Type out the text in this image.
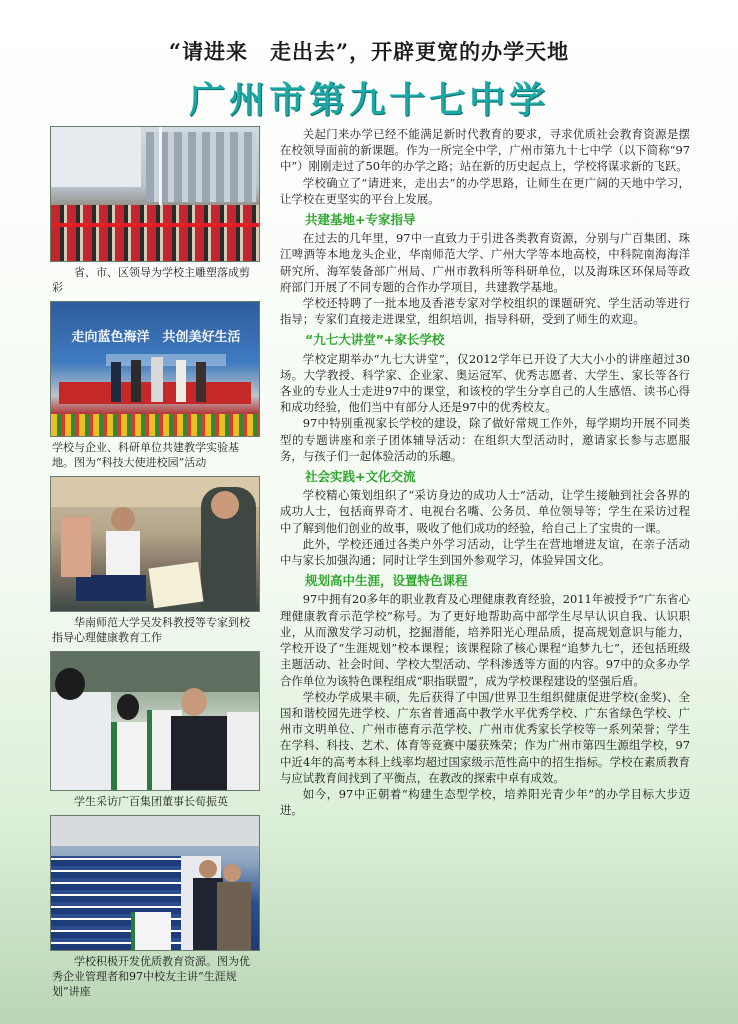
“请进来　走出去”，开辟更宽的办学天地
广州市第九十七中学
省、市、区领导为学校主雕塑落成剪彩
走向蓝色海洋　共创美好生活
学校与企业、科研单位共建教学实验基地。图为“科技大使进校园”活动
华南师范大学吴发科教授等专家到校指导心理健康教育工作
学生采访广百集团董事长荀振英
学校积极开发优质教育资源。图为优秀企业管理者和97中校友主讲“生涯规划”讲座

关起门来办学已经不能满足新时代教育的要求，寻求优质社会教育资源是摆在校领导面前的新课题。作为一所完全中学，广州市第九十七中学（以下简称“97中”）刚刚走过了50年的办学之路；站在新的历史起点上，学校将谋求新的飞跃。

学校确立了“请进来，走出去”的办学思路，让师生在更广阔的天地中学习，让学校在更坚实的平台上发展。

共建基地+专家指导

在过去的几年里，97中一直致力于引进各类教育资源，分别与广百集团、珠江啤酒等本地龙头企业，华南师范大学、广州大学等本地高校，中科院南海海洋研究所、海军装备部广州局、广州市教科所等科研单位，以及海珠区环保局等政府部门开展了不同专题的合作办学项目，共建教学基地。

学校还特聘了一批本地及香港专家对学校组织的课题研究、学生活动等进行指导；专家们直接走进课堂，组织培训，指导科研，受到了师生的欢迎。

“九七大讲堂”+家长学校

学校定期举办“九七大讲堂”，仅2012学年已开设了大大小小的讲座超过30场。大学教授、科学家、企业家、奥运冠军、优秀志愿者、大学生、家长等各行各业的专业人士走进97中的课堂，和该校的学生分享自己的人生感悟、读书心得和成功经验，他们当中有部分人还是97中的优秀校友。

97中特别重视家长学校的建设，除了做好常规工作外，每学期均开展不同类型的专题讲座和亲子团体辅导活动：在组织大型活动时，邀请家长参与志愿服务，与孩子们一起体验活动的乐趣。

社会实践+文化交流

学校精心策划组织了“采访身边的成功人士”活动，让学生接触到社会各界的成功人士，包括商界奇才、电视台名嘴、公务员、单位领导等；学生在采访过程中了解到他们创业的故事，吸收了他们成功的经验，给自己上了宝贵的一课。

此外，学校还通过各类户外学习活动，让学生在营地增进友谊，在亲子活动中与家长加强沟通；同时让学生到国外参观学习，体验异国文化。

规划高中生涯，设置特色课程

97中拥有20多年的职业教育及心理健康教育经验，2011年被授予“广东省心理健康教育示范学校”称号。为了更好地帮助高中部学生尽早认识自我、认识职业，从而激发学习动机，挖掘潜能，培养阳光心理品质，提高规划意识与能力，学校开设了“生涯规划”校本课程；该课程除了核心课程“追梦九七”，还包括班级主题活动、社会时间、学校大型活动、学科渗透等方面的内容。97中的众多办学合作单位为该特色课程组成“职指联盟”，成为学校课程建设的坚强后盾。

学校办学成果丰硕，先后获得了中国/世界卫生组织健康促进学校(金奖)、全国和谐校园先进学校、广东省普通高中教学水平优秀学校、广东省绿色学校、广州市文明单位、广州市德育示范学校、广州市优秀家长学校等一系列荣誉；学生在学科、科技、艺术、体育等竞赛中屡获殊荣；作为广州市第四生源组学校，97中近4年的高考本科上线率均超过国家级示范性高中的招生指标。学校在素质教育与应试教育间找到了平衡点，在教改的探索中卓有成效。

如今，97中正朝着“构建生态型学校，培养阳光青少年”的办学目标大步迈进。
